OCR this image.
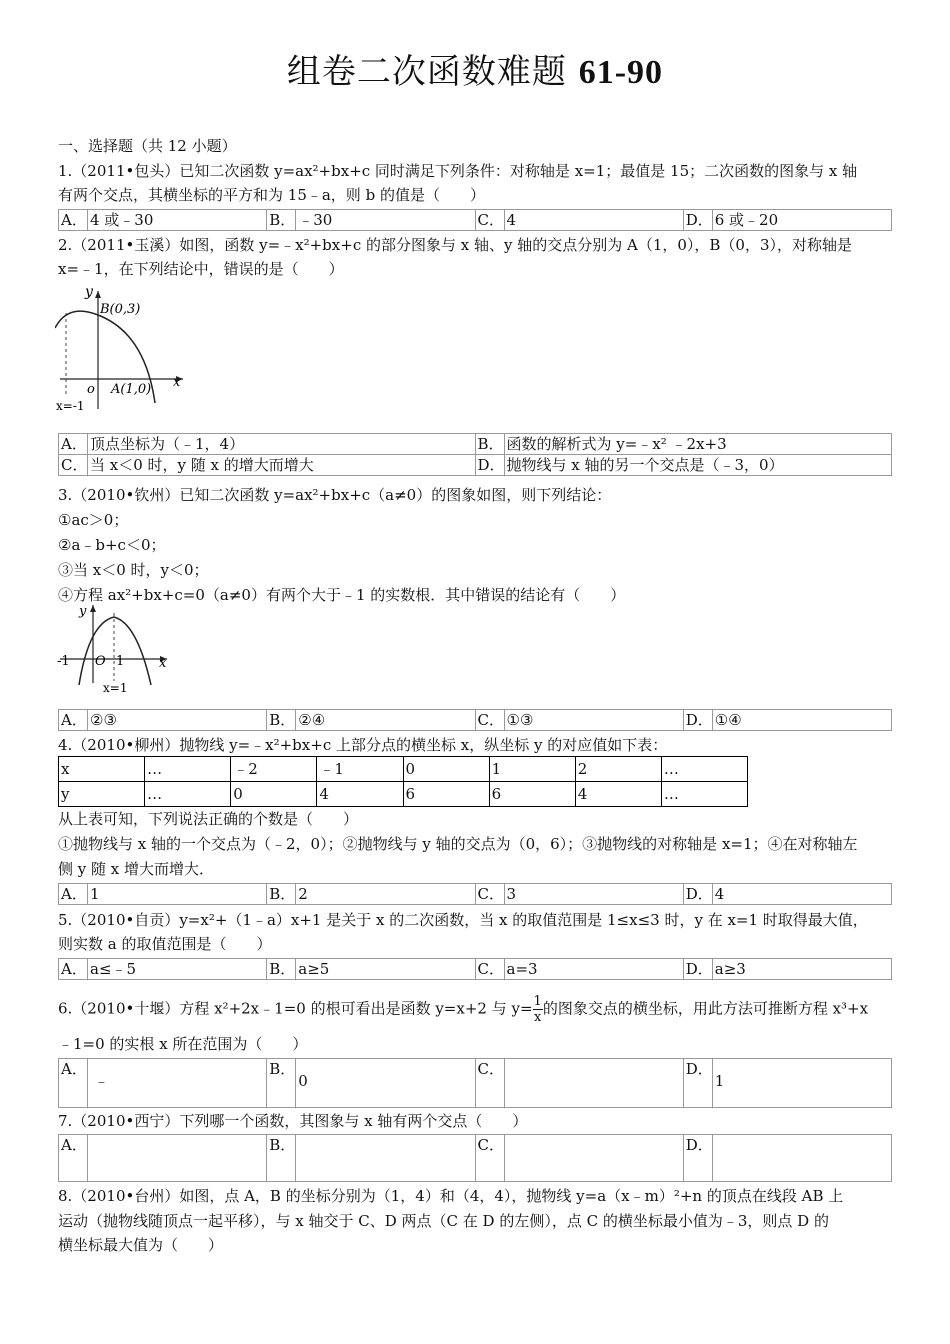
组卷二次函数难题 61-90
一、选择题（共 12 小题）
1.（2011•包头）已知二次函数 y=ax²+bx+c 同时满足下列条件：对称轴是 x=1；最值是 15；二次函数的图象与 x 轴
有两个交点，其横坐标的平方和为 15﹣a，则 b 的值是（　　）
A．	4 或﹣30	B．	﹣30	C．	4	D．	6 或﹣20
2.（2011•玉溪）如图，函数 y=﹣x²+bx+c 的部分图象与 x 轴、y 轴的交点分别为 A（1，0），B（0，3），对称轴是
x=﹣1，在下列结论中，错误的是（　　）
y
B(0,3)
o A(1,0) x
x=-1
A．	顶点坐标为（﹣1，4）	B．	函数的解析式为 y=﹣x² ﹣2x+3
C．	当 x＜0 时，y 随 x 的增大而增大	D．	抛物线与 x 轴的另一个交点是（﹣3，0）
3.（2010•钦州）已知二次函数 y=ax²+bx+c（a≠0）的图象如图，则下列结论：
①ac＞0；
②a﹣b+c＜0；
③当 x＜0 时，y＜0；
④方程 ax²+bx+c=0（a≠0）有两个大于﹣1 的实数根．其中错误的结论有（　　）
y
-1 O 1	x
x=1
A．	②③	B．	②④	C．	①③	D．	①④
4.（2010•柳州）抛物线 y=﹣x²+bx+c 上部分点的横坐标 x，纵坐标 y 的对应值如下表：
x	…	﹣2	﹣1	0	1	2	…
y	…	0	4	6	6	4	…
从上表可知，下列说法正确的个数是（　　）
①抛物线与 x 轴的一个交点为（﹣2，0）；②抛物线与 y 轴的交点为（0，6）；③抛物线的对称轴是 x=1；④在对称轴左
侧 y 随 x 增大而增大．
A．	1	B．	2	C．	3	D．	4
5.（2010•自贡）y=x²+（1﹣a）x+1 是关于 x 的二次函数，当 x 的取值范围是 1≤x≤3 时，y 在 x=1 时取得最大值，
则实数 a 的取值范围是（　　）
A．	a≤﹣5	B．	a≥5	C．	a=3	D．	a≥3
6.（2010•十堰）方程 x²+2x﹣1=0 的根可看出是函数 y=x+2 与 $y= \frac{1}{x}$ 的图象交点的横坐标，用此方法可推断方程 x³+x
﹣1=0 的实根 x 所在范围为（　　）
A．	﹣	B．	0	C．		D．	1
7.（2010•西宁）下列哪一个函数，其图象与 x 轴有两个交点（　　）
A．		B．		C．		D．	
8.（2010•台州）如图，点 A，B 的坐标分别为（1，4）和（4，4），抛物线 y=a（x﹣m）²+n 的顶点在线段 AB 上
运动（抛物线随顶点一起平移），与 x 轴交于 C、D 两点（C 在 D 的左侧），点 C 的横坐标最小值为﹣3，则点 D 的
横坐标最大值为（　　）
